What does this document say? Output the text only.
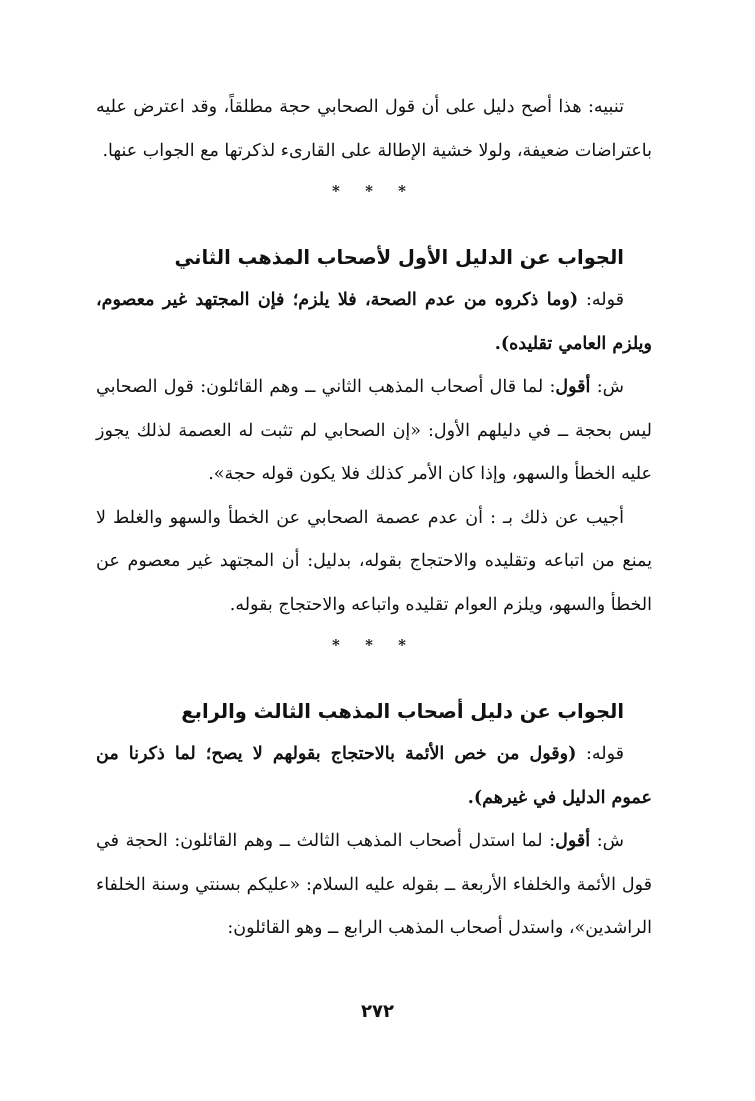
تنبيه: هذا أصح دليل على أن قول الصحابي حجة مطلقاً، وقد اعترض عليه باعتراضات ضعيفة، ولولا خشية الإطالة على القارىء لذكرتها مع الجواب عنها.

* * *
الجواب عن الدليل الأول لأصحاب المذهب الثاني

قوله: (وما ذكروه من عدم الصحة، فلا يلزم؛ فإن المجتهد غير معصوم، ويلزم العامي تقليده).

ش: أقول: لما قال أصحاب المذهب الثاني ــ وهم القائلون: قول الصحابي ليس بحجة ــ في دليلهم الأول: «إن الصحابي لم تثبت له العصمة لذلك يجوز عليه الخطأ والسهو، وإذا كان الأمر كذلك فلا يكون قوله حجة».

أجيب عن ذلك بـ : أن عدم عصمة الصحابي عن الخطأ والسهو والغلط لا يمنع من اتباعه وتقليده والاحتجاج بقوله، بدليل: أن المجتهد غير معصوم عن الخطأ والسهو، ويلزم العوام تقليده واتباعه والاحتجاج بقوله.

* * *
الجواب عن دليل أصحاب المذهب الثالث والرابع

قوله: (وقول من خص الأئمة بالاحتجاج بقولهم لا يصح؛ لما ذكرنا من عموم الدليل في غيرهم).

ش: أقول: لما استدل أصحاب المذهب الثالث ــ وهم القائلون: الحجة في قول الأئمة والخلفاء الأربعة ــ بقوله عليه السلام: «عليكم بسنتي وسنة الخلفاء الراشدين»، واستدل أصحاب المذهب الرابع ــ وهو القائلون:

٢٧٢
